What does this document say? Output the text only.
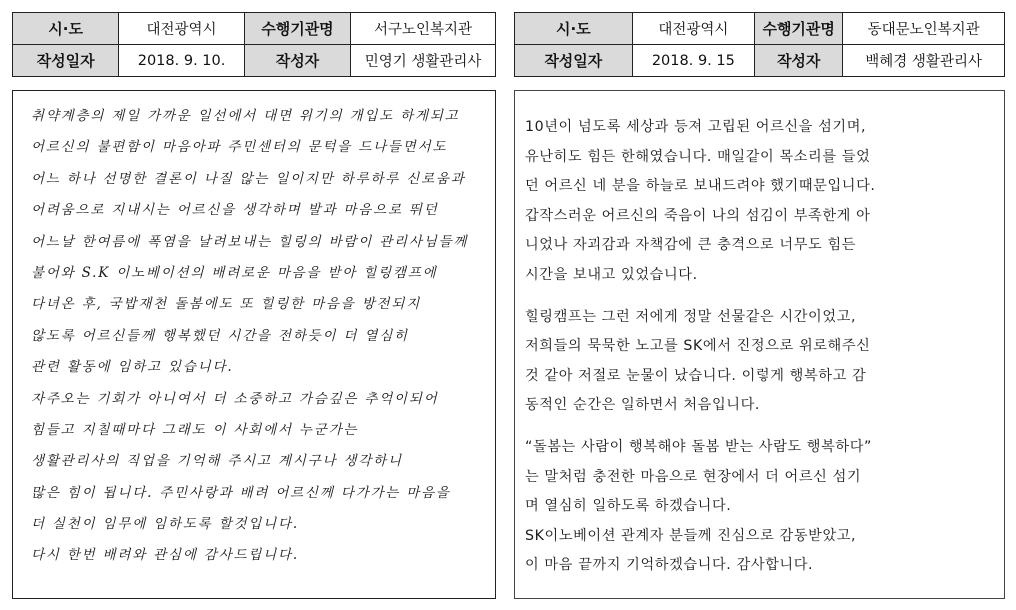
시·도	대전광역시	수행기관명	서구노인복지관
작성일자	2018. 9. 10.	작성자	민영기 생활관리사
취약계층의 제일 가까운 일선에서 대면 위기의 개입도 하게되고
어르신의 불편함이 마음아파 주민센터의 문턱을 드나들면서도
어느 하나 선명한 결론이 나질 않는 일이지만 하루하루 신로움과
어려움으로 지내시는 어르신을 생각하며 발과 마음으로 뛰던
어느날 한여름에 폭염을 날려보내는 힐링의 바람이 관리사님들께
불어와 S.K 이노베이션의 배려로운 마음을 받아 힐링캠프에
다녀온 후, 국밥재천 돌봄에도 또 힐링한 마음을 방전되지
않도록 어르신들께 행복했던 시간을 전하듯이 더 열심히
관련 활동에 임하고 있습니다.
자주오는 기회가 아니여서 더 소중하고 가슴깊은 추억이되어
힘들고 지칠때마다 그래도 이 사회에서 누군가는
생활관리사의 직업을 기억해 주시고 계시구나 생각하니
많은 힘이 됩니다. 주민사랑과 배려 어르신께 다가가는 마음을
더 실천이 임무에 임하도록 할것입니다.
다시 한번 배려와 관심에 감사드립니다.
시·도	대전광역시	수행기관명	동대문노인복지관
작성일자	2018. 9. 15	작성자	백혜경 생활관리사
10년이 넘도록 세상과 등져 고립된 어르신을 섬기며,
유난히도 힘든 한해였습니다. 매일같이 목소리를 들었
던 어르신 네 분을 하늘로 보내드려야 했기때문입니다.
갑작스러운 어르신의 죽음이 나의 섬김이 부족한게 아
니었나 자괴감과 자책감에 큰 충격으로 너무도 힘든
시간을 보내고 있었습니다.
힐링캠프는 그런 저에게 정말 선물같은 시간이었고,
저희들의 묵묵한 노고를 SK에서 진정으로 위로해주신
것 같아 저절로 눈물이 났습니다. 이렇게 행복하고 감
동적인 순간은 일하면서 처음입니다.
“돌봄는 사람이 행복해야 돌봄 받는 사람도 행복하다”
는 말처럼 충전한 마음으로 현장에서 더 어르신 섬기
며 열심히 일하도록 하겠습니다.
SK이노베이션 관계자 분들께 진심으로 감동받았고,
이 마음 끝까지 기억하겠습니다. 감사합니다.
